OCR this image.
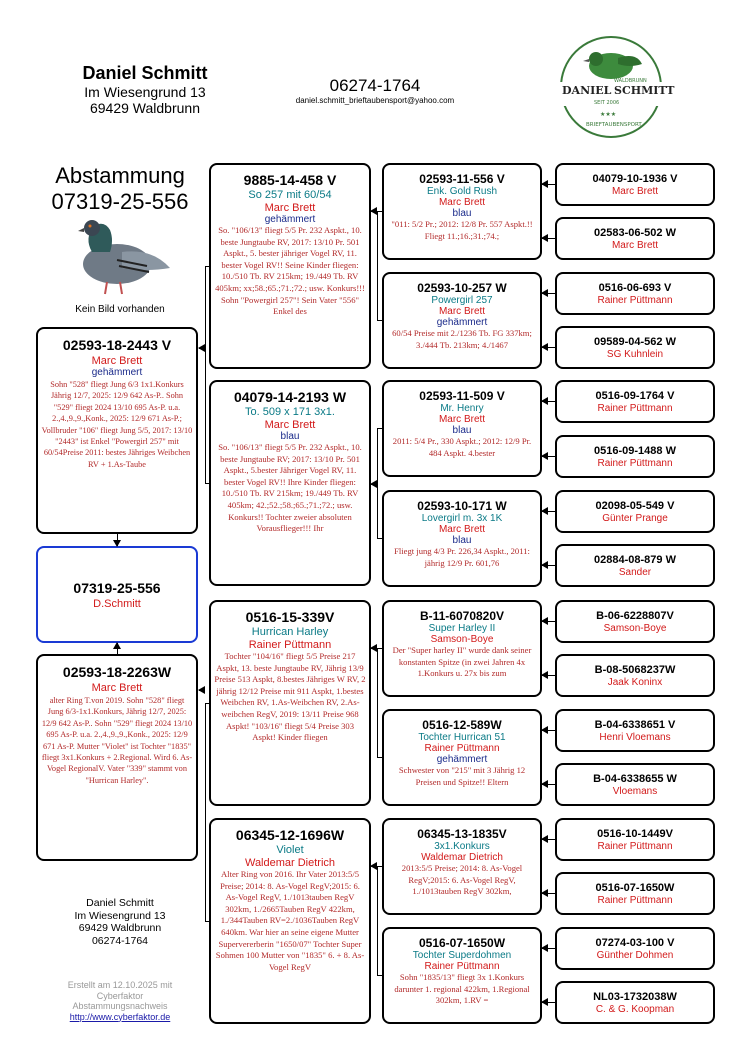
Daniel Schmitt
Im Wiesengrund 13
69429 Waldbrunn
06274-1764
daniel.schmitt_brieftaubensport@yahoo.com
WALDBRUNN
DANIEL SCHMITT
SEIT 2006
★★★
BRIEFTAUBENSPORT
Abstammung
07319-25-556
Kein Bild vorhanden
02593-18-2443 V
Marc Brett
gehämmert
Sohn "528" fliegt Jung 6/3 1x1.Konkurs Jährig 12/7, 2025: 12/9 642 As-P.. Sohn "529" fliegt 2024 13/10 695 As-P. u.a. 2.,4.,9.,9.,Konk., 2025: 12/9 671 As-P.; Vollbruder "106" fliegt Jung 5/5, 2017: 13/10 "2443" ist Enkel "Powergirl 257" mit 60/54Preise 2011: bestes Jähriges Weibchen RV + 1.As-Taube
07319-25-556
D.Schmitt
02593-18-2263W
Marc Brett
alter Ring T.von 2019. Sohn "528" fliegt Jung 6/3-1x1.Konkurs, Jährig 12/7, 2025: 12/9 642 As-P.. Sohn "529" fliegt 2024 13/10 695 As-P. u.a. 2.,4.,9.,9.,Konk., 2025: 12/9 671 As-P. Mutter "Violet" ist Tochter "1835" fliegt 3x1.Konkurs + 2.Regional. Wird 6. As-Vogel RegionalV. Vater "339" stammt von "Hurrican Harley".
Daniel Schmitt
Im Wiesengrund 13
69429 Waldbrunn
06274-1764
Erstellt am 12.10.2025 mit
Cyberfaktor
Abstammungsnachweis
http://www.cyberfaktor.de
9885-14-458 V
So 257 mit 60/54
Marc Brett
gehämmert
So. "106/13" fliegt 5/5 Pr. 232 Aspkt., 10. beste Jungtaube RV, 2017: 13/10 Pr. 501 Aspkt., 5. bester jähriger Vogel RV, 11. bester Vogel RV!! Seine Kinder fliegen: 10./510 Tb. RV 215km; 19./449 Tb. RV 405km; xx;58.;65.;71.;72.; usw. Konkurs!!! Sohn "Powergirl 257"! Sein Vater "556" Enkel des
04079-14-2193 W
To. 509 x 171 3x1.
Marc Brett
blau
So. "106/13" fliegt 5/5 Pr. 232 Aspkt., 10. beste Jungtaube RV; 2017: 13/10 Pr. 501 Aspkt., 5.bester Jähriger Vogel RV, 11. bester Vogel RV!! Ihre Kinder fliegen: 10./510 Tb. RV 215km; 19./449 Tb. RV 405km; 42.;52.;58.;65.;71.;72.; usw. Konkurs!! Tochter zweier absoluten Vorausflieger!!! Ihr
0516-15-339V
Hurrican Harley
Rainer Püttmann
Tochter "104/16" fliegt 5/5 Preise 217 Aspkt, 13. beste Jungtaube RV, Jährig 13/9 Preise 513 Aspkt, 8.bestes Jähriges W RV, 2 jährig 12/12 Preise mit 911 Aspkt, 1.bestes Weibchen RV, 1.As-Weibchen RV, 2.As-weibchen RegV, 2019: 13/11 Preise 968 Aspkt! "103/16" fliegt 5/4 Preise 303 Aspkt! Kinder fliegen
06345-12-1696W
Violet
Waldemar Dietrich
Alter Ring von 2016. Ihr Vater 2013:5/5 Preise; 2014: 8. As-Vogel RegV;2015: 6. As-Vogel RegV, 1./1013tauben RegV 302km, 1./2665Tauben RegV 422km, 1./344Tauben RV=2./1036Tauben RegV 640km. War hier an seine eigene Mutter Supervererberin "1650/07" Tochter Super Sohmen 100 Mutter von "1835" 6. + 8. As-Vogel RegV
02593-11-556 V
Enk. Gold Rush
Marc Brett
blau
"011: 5/2 Pr.; 2012: 12/8 Pr. 557 Aspkt.!! Fliegt 11.;16.;31.;74.;
02593-10-257 W
Powergirl 257
Marc Brett
gehämmert
60/54 Preise mit 2./1236 Tb. FG 337km; 3./444 Tb. 213km; 4./1467
02593-11-509 V
Mr. Henry
Marc Brett
blau
2011: 5/4 Pr., 330 Aspkt.; 2012: 12/9 Pr. 484 Aspkt. 4.bester
02593-10-171 W
Lovergirl m. 3x 1K
Marc Brett
blau
Fliegt jung 4/3 Pr. 226,34 Aspkt., 2011: jährig 12/9 Pr. 601,76
B-11-6070820V
Super Harley II
Samson-Boye
Der "Super harley II" wurde dank seiner konstanten Spitze (in zwei Jahren 4x 1.Konkurs u. 27x bis zum
0516-12-589W
Tochter Hurrican 51
Rainer Püttmann
gehämmert
Schwester von "215" mit 3 Jährig 12 Preisen und Spitze!! Eltern
06345-13-1835V
3x1.Konkurs
Waldemar Dietrich
2013:5/5 Preise; 2014: 8. As-Vogel RegV;2015: 6. As-Vogel RegV, 1./1013tauben RegV 302km,
0516-07-1650W
Tochter Superdohmen
Rainer Püttmann
Sohn "1835/13" fliegt 3x 1.Konkurs darunter 1. regional 422km, 1.Regional 302km, 1.RV =
04079-10-1936 V
Marc Brett
02583-06-502 W
Marc Brett
0516-06-693 V
Rainer Püttmann
09589-04-562 W
SG Kuhnlein
0516-09-1764 V
Rainer Püttmann
0516-09-1488 W
Rainer Püttmann
02098-05-549 V
Günter Prange
02884-08-879 W
Sander
B-06-6228807V
Samson-Boye
B-08-5068237W
Jaak Koninx
B-04-6338651 V
Henri Vloemans
B-04-6338655 W
Vloemans
0516-10-1449V
Rainer Püttmann
0516-07-1650W
Rainer Püttmann
07274-03-100 V
Günther Dohmen
NL03-1732038W
C. & G. Koopman
